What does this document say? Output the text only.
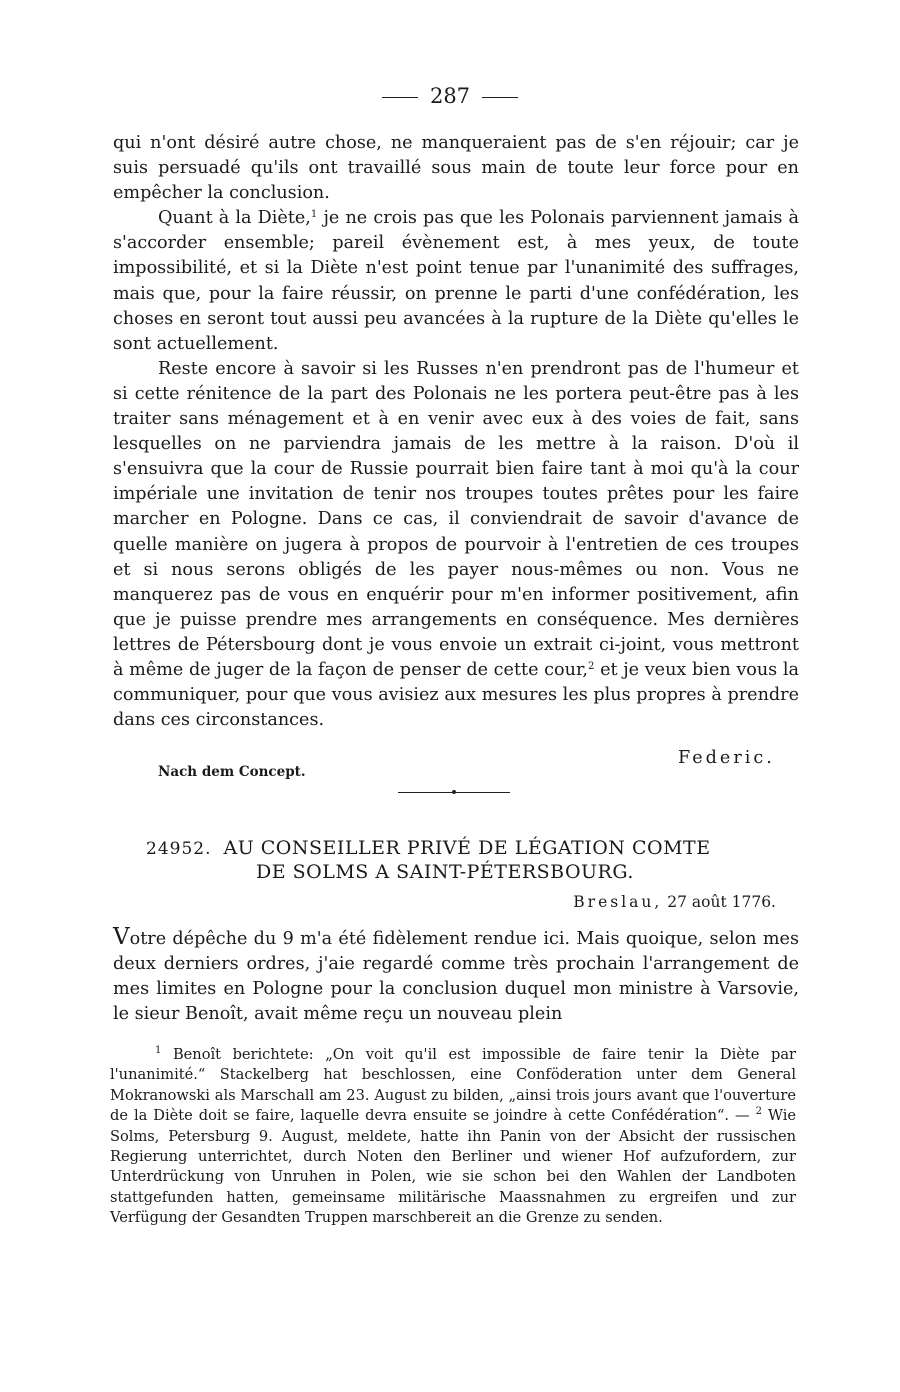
287

qui n'ont désiré autre chose, ne manqueraient pas de s'en réjouir; car je suis persuadé qu'ils ont travaillé sous main de toute leur force pour en empêcher la conclusion.

Quant à la Diète,$^1$ je ne crois pas que les Polonais parviennent jamais à s'accorder ensemble; pareil évènement est, à mes yeux, de toute impossibilité, et si la Diète n'est point tenue par l'unanimité des suffrages, mais que, pour la faire réussir, on prenne le parti d'une confédération, les choses en seront tout aussi peu avancées à la rupture de la Diète qu'elles le sont actuellement.

Reste encore à savoir si les Russes n'en prendront pas de l'humeur et si cette rénitence de la part des Polonais ne les portera peut-être pas à les traiter sans ménagement et à en venir avec eux à des voies de fait, sans lesquelles on ne parviendra jamais de les mettre à la raison. D'où il s'ensuivra que la cour de Russie pourrait bien faire tant à moi qu'à la cour impériale une invitation de tenir nos troupes toutes prêtes pour les faire marcher en Pologne. Dans ce cas, il conviendrait de savoir d'avance de quelle manière on jugera à propos de pourvoir à l'entretien de ces troupes et si nous serons obligés de les payer nous-mêmes ou non. Vous ne manquerez pas de vous en enquérir pour m'en informer positivement, afin que je puisse prendre mes arrangements en conséquence. Mes dernières lettres de Pétersbourg dont je vous envoie un extrait ci-joint, vous mettront à même de juger de la façon de penser de cette cour,$^2$ et je veux bien vous la communiquer, pour que vous avisiez aux mesures les plus propres à prendre dans ces circonstances.

Federic.
Nach dem Concept.
24952. AU CONSEILLER PRIVÉ DE LÉGATION COMTE
DE SOLMS A SAINT-PÉTERSBOURG.
Breslau, 27 août 1776.

Votre dépêche du 9 m'a été fidèlement rendue ici. Mais quoique, selon mes deux derniers ordres, j'aie regardé comme très prochain l'arrangement de mes limites en Pologne pour la conclusion duquel mon ministre à Varsovie, le sieur Benoît, avait même reçu un nouveau plein

$^1$ Benoît berichtete: „On voit qu'il est impossible de faire tenir la Diète par l'unanimité.“ Stackelberg hat beschlossen, eine Conföderation unter dem General Mokranowski als Marschall am 23. August zu bilden, „ainsi trois jours avant que l'ouverture de la Diète doit se faire, laquelle devra ensuite se joindre à cette Confédération“. — $^2$ Wie Solms, Petersburg 9. August, meldete, hatte ihn Panin von der Absicht der russischen Regierung unterrichtet, durch Noten den Berliner und wiener Hof aufzufordern, zur Unterdrückung von Unruhen in Polen, wie sie schon bei den Wahlen der Landboten stattgefunden hatten, gemeinsame militärische Maassnahmen zu ergreifen und zur Verfügung der Gesandten Truppen marschbereit an die Grenze zu senden.
